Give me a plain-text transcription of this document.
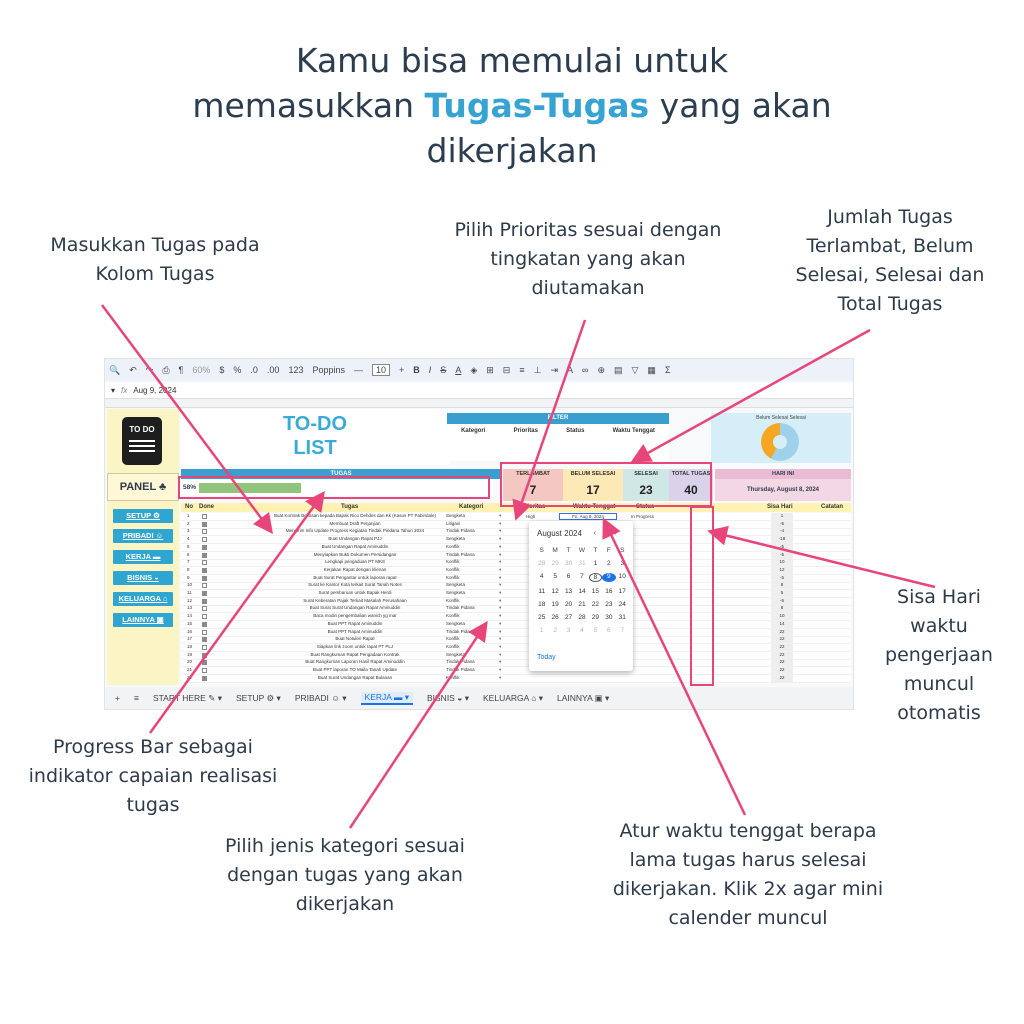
Kamu bisa memulai untuk
memasukkan Tugas-Tugas yang akan
dikerjakan
Masukkan Tugas pada
Kolom Tugas
Pilih Prioritas sesuai dengan
tingkatan yang akan
diutamakan
Jumlah Tugas
Terlambat, Belum
Selesai, Selesai dan
Total Tugas
Sisa Hari
waktu
pengerjaan
muncul
otomatis
Progress Bar sebagai
indikator capaian realisasi
tugas
Pilih jenis kategori sesuai
dengan tugas yang akan
dikerjakan
Atur waktu tenggat berapa
lama tugas harus selesai
dikerjakan. Klik 2x agar mini
calender muncul
🔍 ↶ ↷ ⎙ ¶ 60% $ % .0 .00 123 Poppins —	10	+ B I S A ◈ ⊞ ⊟ ≡ ⊥ ⇥ A ∞ ⊕ ▤ ▽ ▦ Σ
▾ fx Aug 9, 2024
TO DO
PANEL ♣
SETUP ⚙
PRIBADI ☺
KERJA ▬
BISNIS ◒
KELUARGA ⌂
LAINNYA ▣
TO-DO
LIST
FILTER
Kategori	Prioritas	Status	Waktu Tenggat
Belum Selesai Selesai
TUGAS
58%
TERLAMBAT
7
BELUM SELESAI
17
SELESAI
23
TOTAL TUGAS
40
HARI INI
Thursday, August 8, 2024
No Done	Tugas	Kategori	Prioritas	Waktu Tenggat	Status	Sisa Hari	Catatan
1	Buat Kontrak Bekasan kepada Bapak Rico Dehdes dan Kk (Kasus PT Pabindale)	Sengketa	▾	1
2	Membuat Draft Perjanjian	Litigasi	▾	-5
3	Mengirim Info Update Progress Kegiatan Tindak Pindana Tahun 2024	Tindak Pidana	▾	-4
4	Buat Undangan Rapat PJJ	Sengketa	▾	-18
5	Buat Undangan Rapat Aminuddin	Konflik	▾	-5
6	Menyiapkan Bukti Dokumen Persidangan	Tindak Pidana	▾	-5
7	Lengkapi pengaduan PT MKS	Konflik	▾	10
8	Kerjakan Rapat dengan klienan	Konflik	▾	12
9	Buat Surat Pengantar untuk laporan rapat	Konflik	▾	-5
10	Surat ke Kantor Kota terkait Surat Tanah Notes	Sengketa	▾	8
11	Surat pembaruan untuk Bapak Herdi	Sengketa	▾	5
12	Surat Keberatan Pajak Terkait Masalah Perusahaan	Konflik	▾	-5
13	Buat Surat Surat Undangan Rapat Aminuddin	Tindak Pidana	▾	8
14	Baca modin pengembalian wanich yg mar	Konflik	▾	10
15	Buat PPT Rapat Aminuddin	Sengketa	▾	14
16	Buat PPT Rapat Aminuddin	Tindak Pidana	▾	22
17	Buat Notulen Rapat	Konflik	▾	22
18	Siapkan link zoom untuk rapat PT PLJ	Konflik	▾	22
19	Buat Rangkuman Rapat Pengadaan Kontrak	Sengketa	▾	22
20	Buat Rangkuman Laporan Hasil Rapat Aminuddin	Tindak Pidana	▾	22
21	Buat PPT laporan TO Maila Tanah Update	Tindak Pidana	▾	22
22	Buat Surat Undangan Rapat Bulanan	Konflik	▾	22
High	Fri, Aug 9, 2024	In Progress
August 2024 ‹ ›
S	M	T	W	T	F	S
28 29 30 31	1	2	3
4	5	6	7	8	9	10
11 12 13 14 15 16 17
18 19 20 21 22 23 24
25 26 27 28 29 30 31
1	2	3	4	5	6	7
Today
+ ≡ START HERE ✎ ▾ SETUP ⚙ ▾ PRIBADI ☺ ▾	KERJA ▬ ▾	BISNIS ◒ ▾ KELUARGA ⌂ ▾ LAINNYA ▣ ▾
